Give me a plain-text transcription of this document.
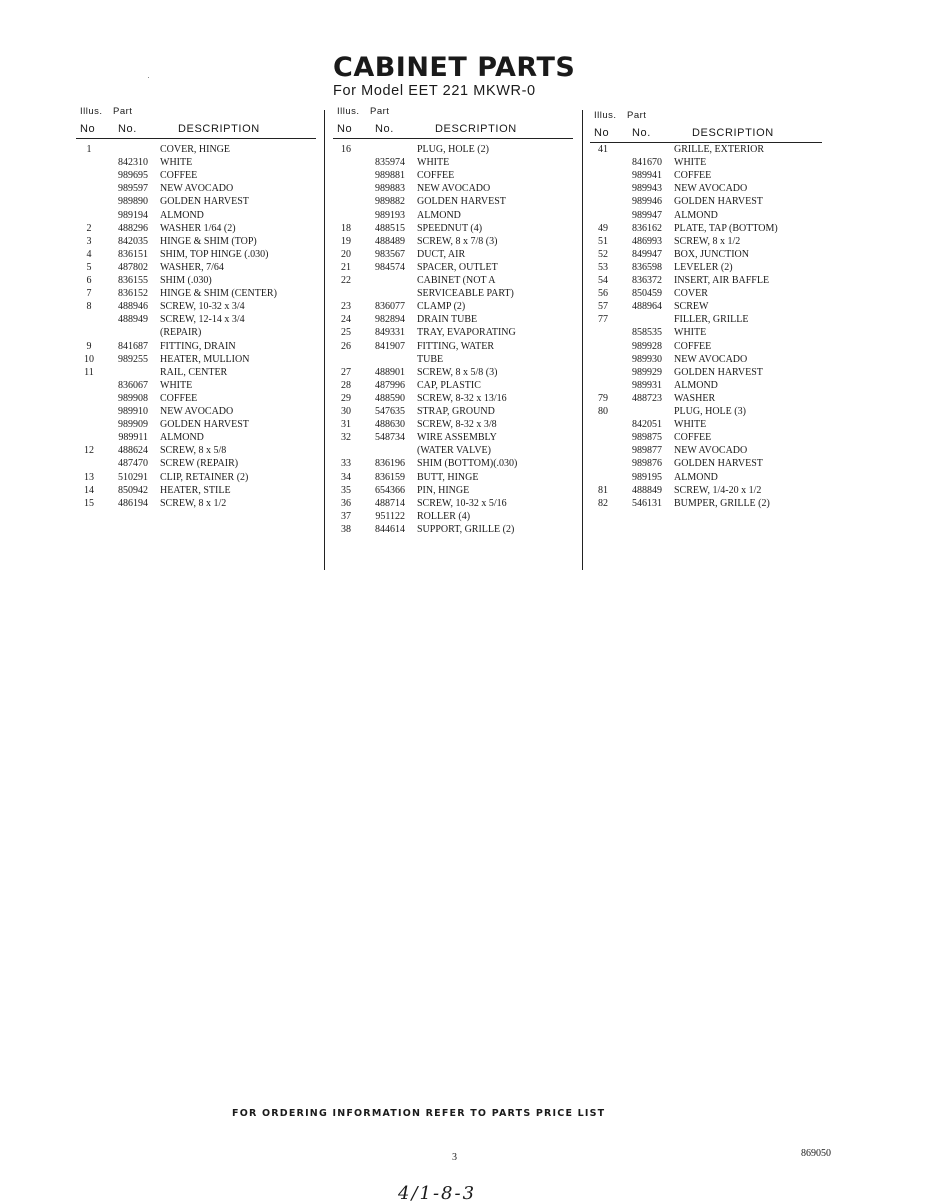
CABINET PARTS
For Model EET 221 MKWR-0
Illus. Part
No No.	DESCRIPTION
1	COVER, HINGE
842310 WHITE
989695 COFFEE
989597 NEW AVOCADO
989890 GOLDEN HARVEST
989194 ALMOND
2	488296 WASHER 1/64 (2)
3	842035 HINGE & SHIM (TOP)
4	836151 SHIM, TOP HINGE (.030)
5	487802 WASHER, 7/64
6	836155 SHIM (.030)
7	836152 HINGE & SHIM (CENTER)
8	488946 SCREW, 10-32 x 3/4
488949 SCREW, 12-14 x 3/4
(REPAIR)
9	841687 FITTING, DRAIN
10	989255 HEATER, MULLION
11	RAIL, CENTER
836067 WHITE
989908 COFFEE
989910 NEW AVOCADO
989909 GOLDEN HARVEST
989911 ALMOND
12	488624 SCREW, 8 x 5/8
487470 SCREW (REPAIR)
13	510291 CLIP, RETAINER (2)
14	850942 HEATER, STILE
15	486194 SCREW, 8 x 1/2
Illus. Part
No No.	DESCRIPTION
16	PLUG, HOLE (2)
835974 WHITE
989881 COFFEE
989883 NEW AVOCADO
989882 GOLDEN HARVEST
989193 ALMOND
18	488515 SPEEDNUT (4)
19	488489 SCREW, 8 x 7/8 (3)
20	983567 DUCT, AIR
21	984574 SPACER, OUTLET
22	CABINET (NOT A
SERVICEABLE PART)
23	836077 CLAMP (2)
24	982894 DRAIN TUBE
25	849331 TRAY, EVAPORATING
26	841907 FITTING, WATER
TUBE
27	488901 SCREW, 8 x 5/8 (3)
28	487996 CAP, PLASTIC
29	488590 SCREW, 8-32 x 13/16
30	547635 STRAP, GROUND
31	488630 SCREW, 8-32 x 3/8
32	548734 WIRE ASSEMBLY
(WATER VALVE)
33	836196 SHIM (BOTTOM)(.030)
34	836159 BUTT, HINGE
35	654366 PIN, HINGE
36	488714 SCREW, 10-32 x 5/16
37	951122 ROLLER (4)
38	844614 SUPPORT, GRILLE (2)
Illus. Part
No No.	DESCRIPTION
41	GRILLE, EXTERIOR
841670 WHITE
989941 COFFEE
989943 NEW AVOCADO
989946 GOLDEN HARVEST
989947 ALMOND
49	836162 PLATE, TAP (BOTTOM)
51	486993 SCREW, 8 x 1/2
52	849947 BOX, JUNCTION
53	836598 LEVELER (2)
54	836372 INSERT, AIR BAFFLE
56	850459 COVER
57	488964 SCREW
77	FILLER, GRILLE
858535 WHITE
989928 COFFEE
989930 NEW AVOCADO
989929 GOLDEN HARVEST
989931 ALMOND
79	488723 WASHER
80	PLUG, HOLE (3)
842051 WHITE
989875 COFFEE
989877 NEW AVOCADO
989876 GOLDEN HARVEST
989195 ALMOND
81	488849 SCREW, 1/4-20 x 1/2
82	546131 BUMPER, GRILLE (2)
FOR ORDERING INFORMATION REFER TO PARTS PRICE LIST
3	869050
4/1-8-3
